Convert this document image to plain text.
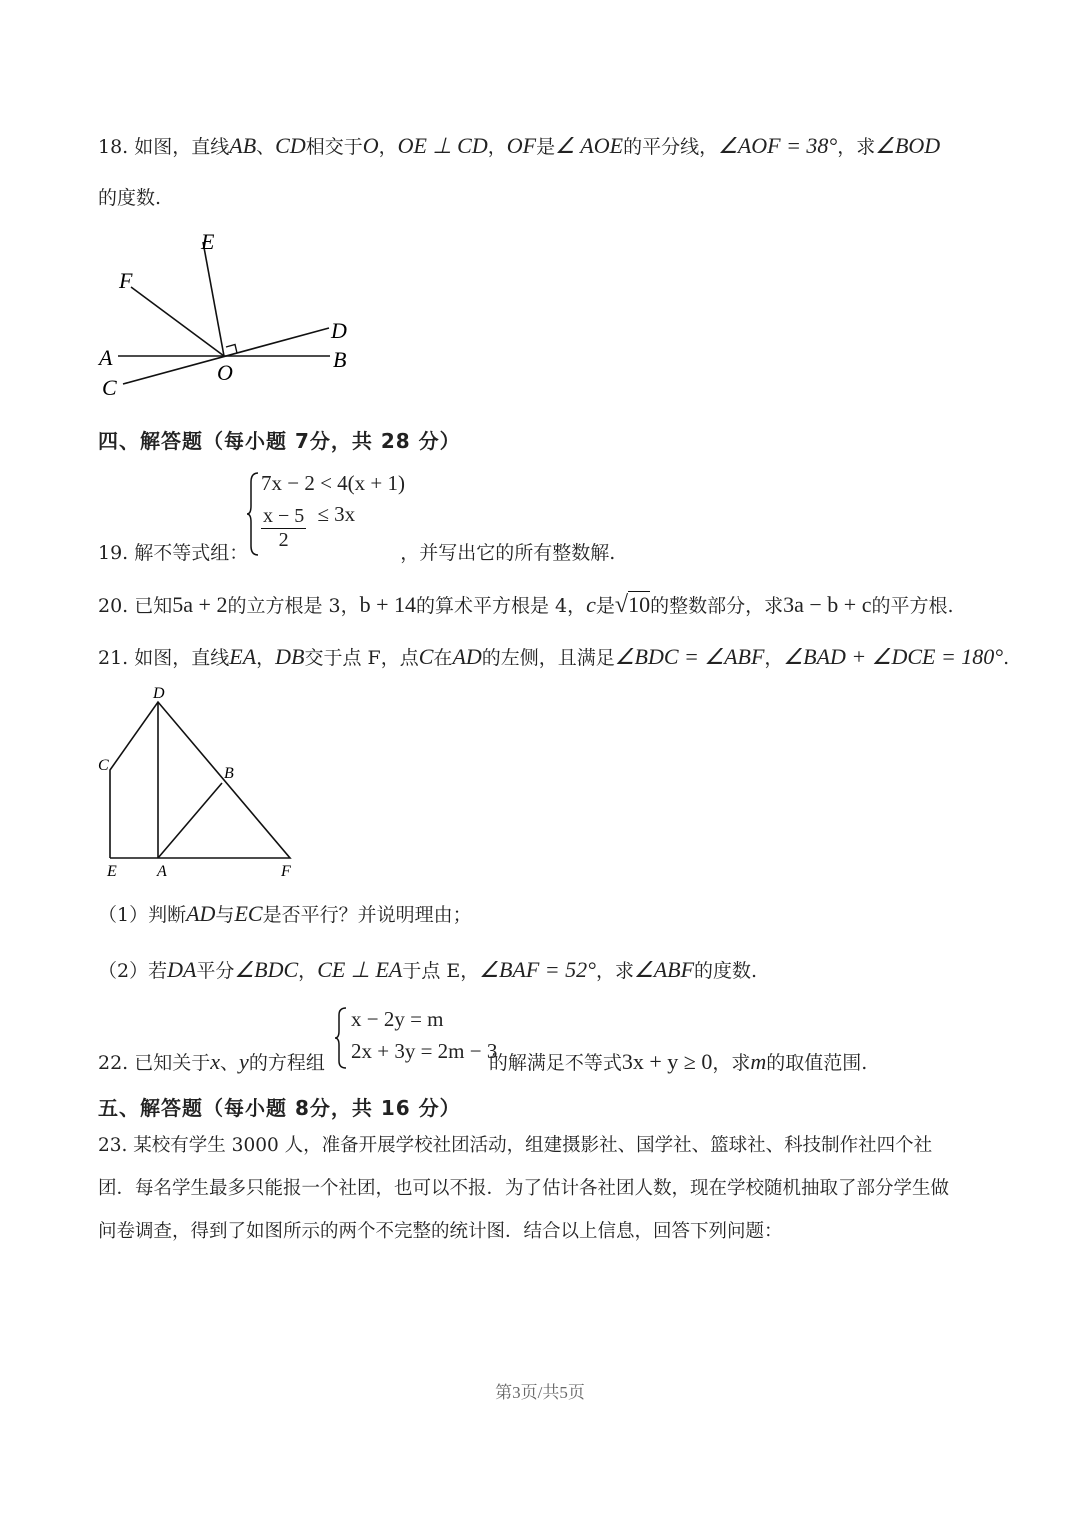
18. 如图，直线AB、CD相交于O，OE ⊥ CD，OF是∠ AOE的平分线，∠AOF = 38°，求∠BOD
的度数.
E
F
D
A	B
O
C
四、解答题（每小题 7分，共 28 分）
7x − 2 < 4(x + 1)
$\frac{x - 5}{2} \le 3x$
19. 解不等式组：	，并写出它的所有整数解.
20. 已知5a + 2的立方根是 3，b + 14的算术平方根是 4，c是√10的整数部分，求3a − b + c的平方根.
21. 如图，直线EA，DB交于点 F，点C在AD的左侧，且满足∠BDC = ∠ABF，∠BAD + ∠DCE = 180°.
D
C	B
E	A	F
（1）判断AD与EC是否平行？并说明理由；
（2）若DA平分∠BDC，CE ⊥ EA于点 E，∠BAF = 52°，求∠ABF的度数.
x − 2y = m
2x + 3y = 2m − 3
22. 已知关于x、y的方程组	的解满足不等式3x + y ≥ 0，求m的取值范围.
五、解答题（每小题 8分，共 16 分）
23. 某校有学生 3000 人，准备开展学校社团活动，组建摄影社、国学社、篮球社、科技制作社四个社
团．每名学生最多只能报一个社团，也可以不报．为了估计各社团人数，现在学校随机抽取了部分学生做
问卷调查，得到了如图所示的两个不完整的统计图．结合以上信息，回答下列问题：
第3页/共5页
